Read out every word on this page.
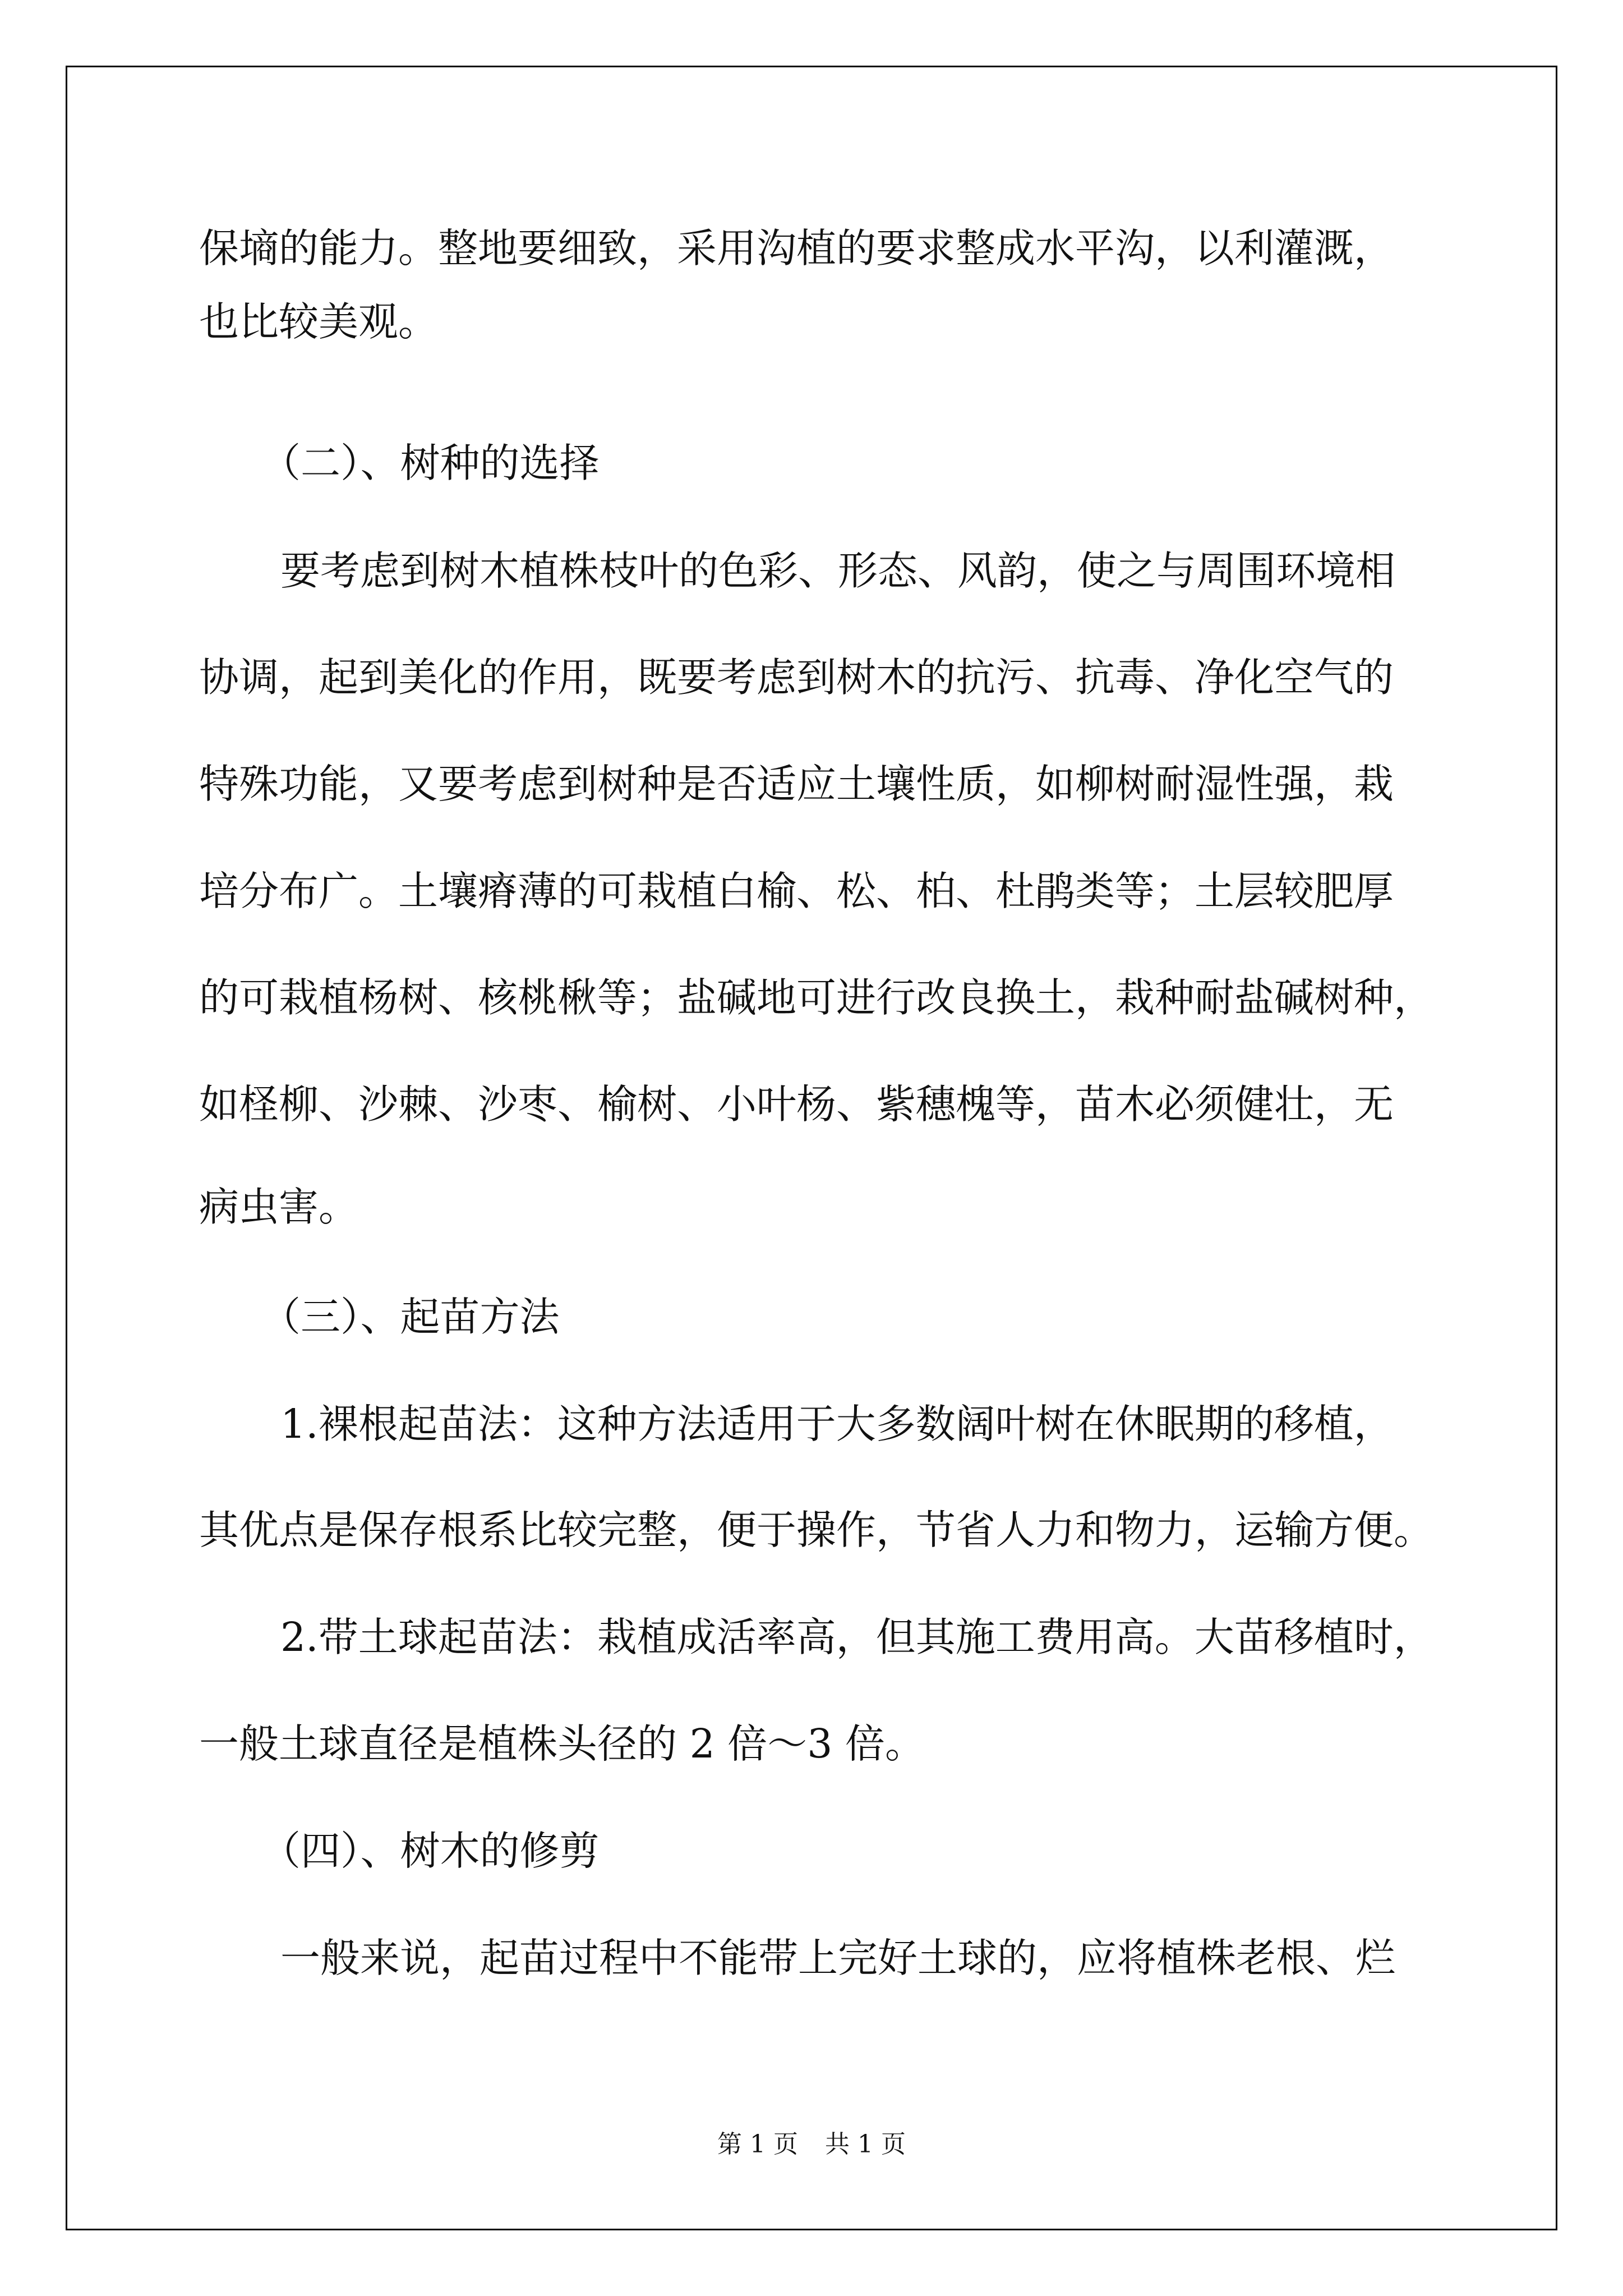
保墒的能力。整地要细致，采用沟植的要求整成水平沟，以利灌溉，

也比较美观。

（二）、树种的选择

要考虑到树木植株枝叶的色彩、形态、风韵，使之与周围环境相

协调，起到美化的作用，既要考虑到树木的抗污、抗毒、净化空气的

特殊功能，又要考虑到树种是否适应土壤性质，如柳树耐湿性强，栽

培分布广。土壤瘠薄的可栽植白榆、松、柏、杜鹃类等；土层较肥厚

的可栽植杨树、核桃楸等；盐碱地可进行改良换土，栽种耐盐碱树种，

如柽柳、沙棘、沙枣、榆树、小叶杨、紫穗槐等，苗木必须健壮，无

病虫害。

（三）、起苗方法

1.裸根起苗法：这种方法适用于大多数阔叶树在休眠期的移植，

其优点是保存根系比较完整，便于操作，节省人力和物力，运输方便。

2.带土球起苗法：栽植成活率高，但其施工费用高。大苗移植时，

一般土球直径是植株头径的 2 倍～3 倍。

（四）、树木的修剪

一般来说，起苗过程中不能带上完好土球的，应将植株老根、烂

第 1 页 共 1 页
